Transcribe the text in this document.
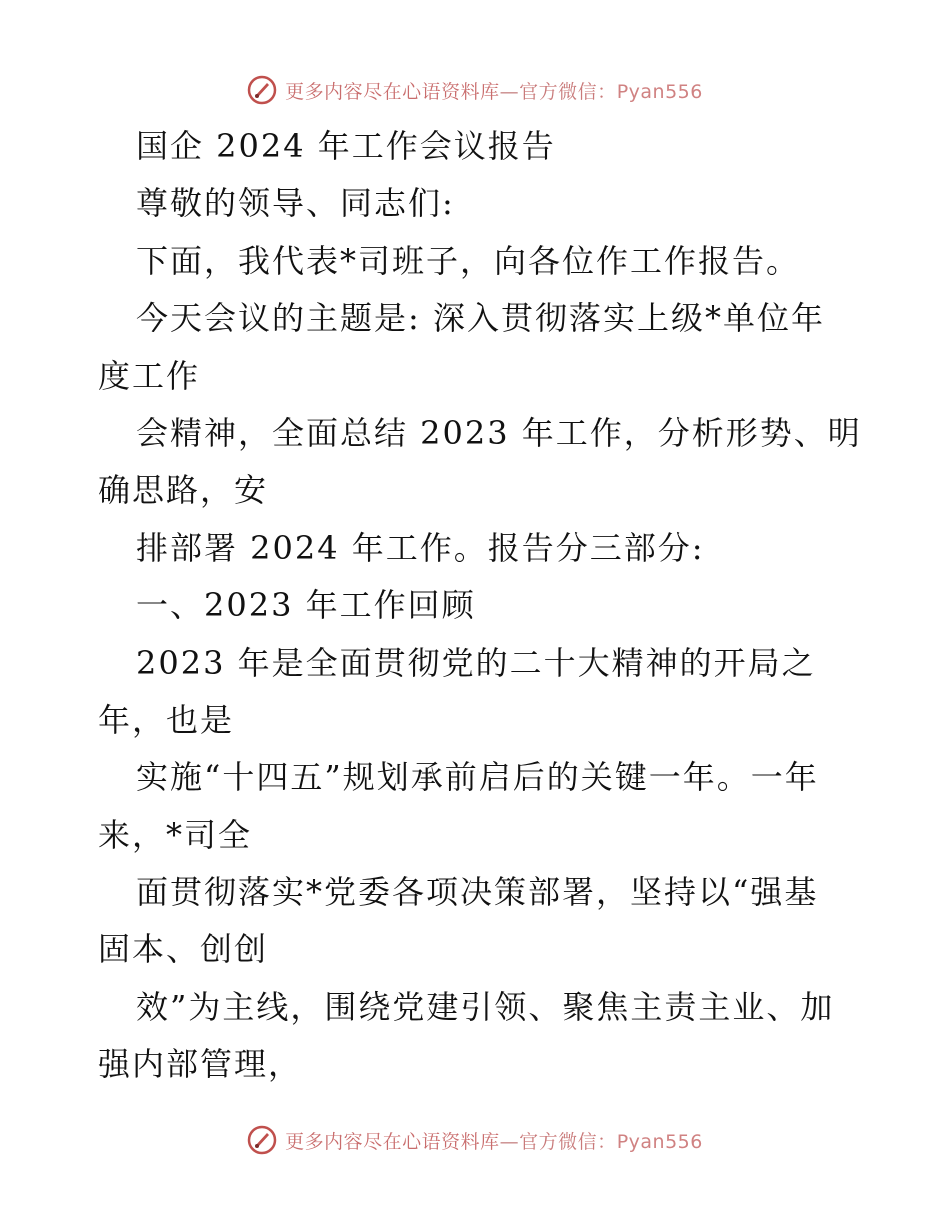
更多内容尽在心语资料库—官方微信：Pyan556
国企 2024 年工作会议报告
尊敬的领导、同志们:
下面，我代表*司班子，向各位作工作报告。
今天会议的主题是: 深入贯彻落实上级*单位年
度工作
会精神，全面总结 2023 年工作，分析形势、明
确思路，安
排部署 2024 年工作。报告分三部分:
一、2023 年工作回顾
2023 年是全面贯彻党的二十大精神的开局之
年，也是
实施“十四五”规划承前启后的关键一年。一年
来，*司全
面贯彻落实*党委各项决策部署，坚持以“强基
固本、创创
效”为主线，围绕党建引领、聚焦主责主业、加
强内部管理，
更多内容尽在心语资料库—官方微信：Pyan556
